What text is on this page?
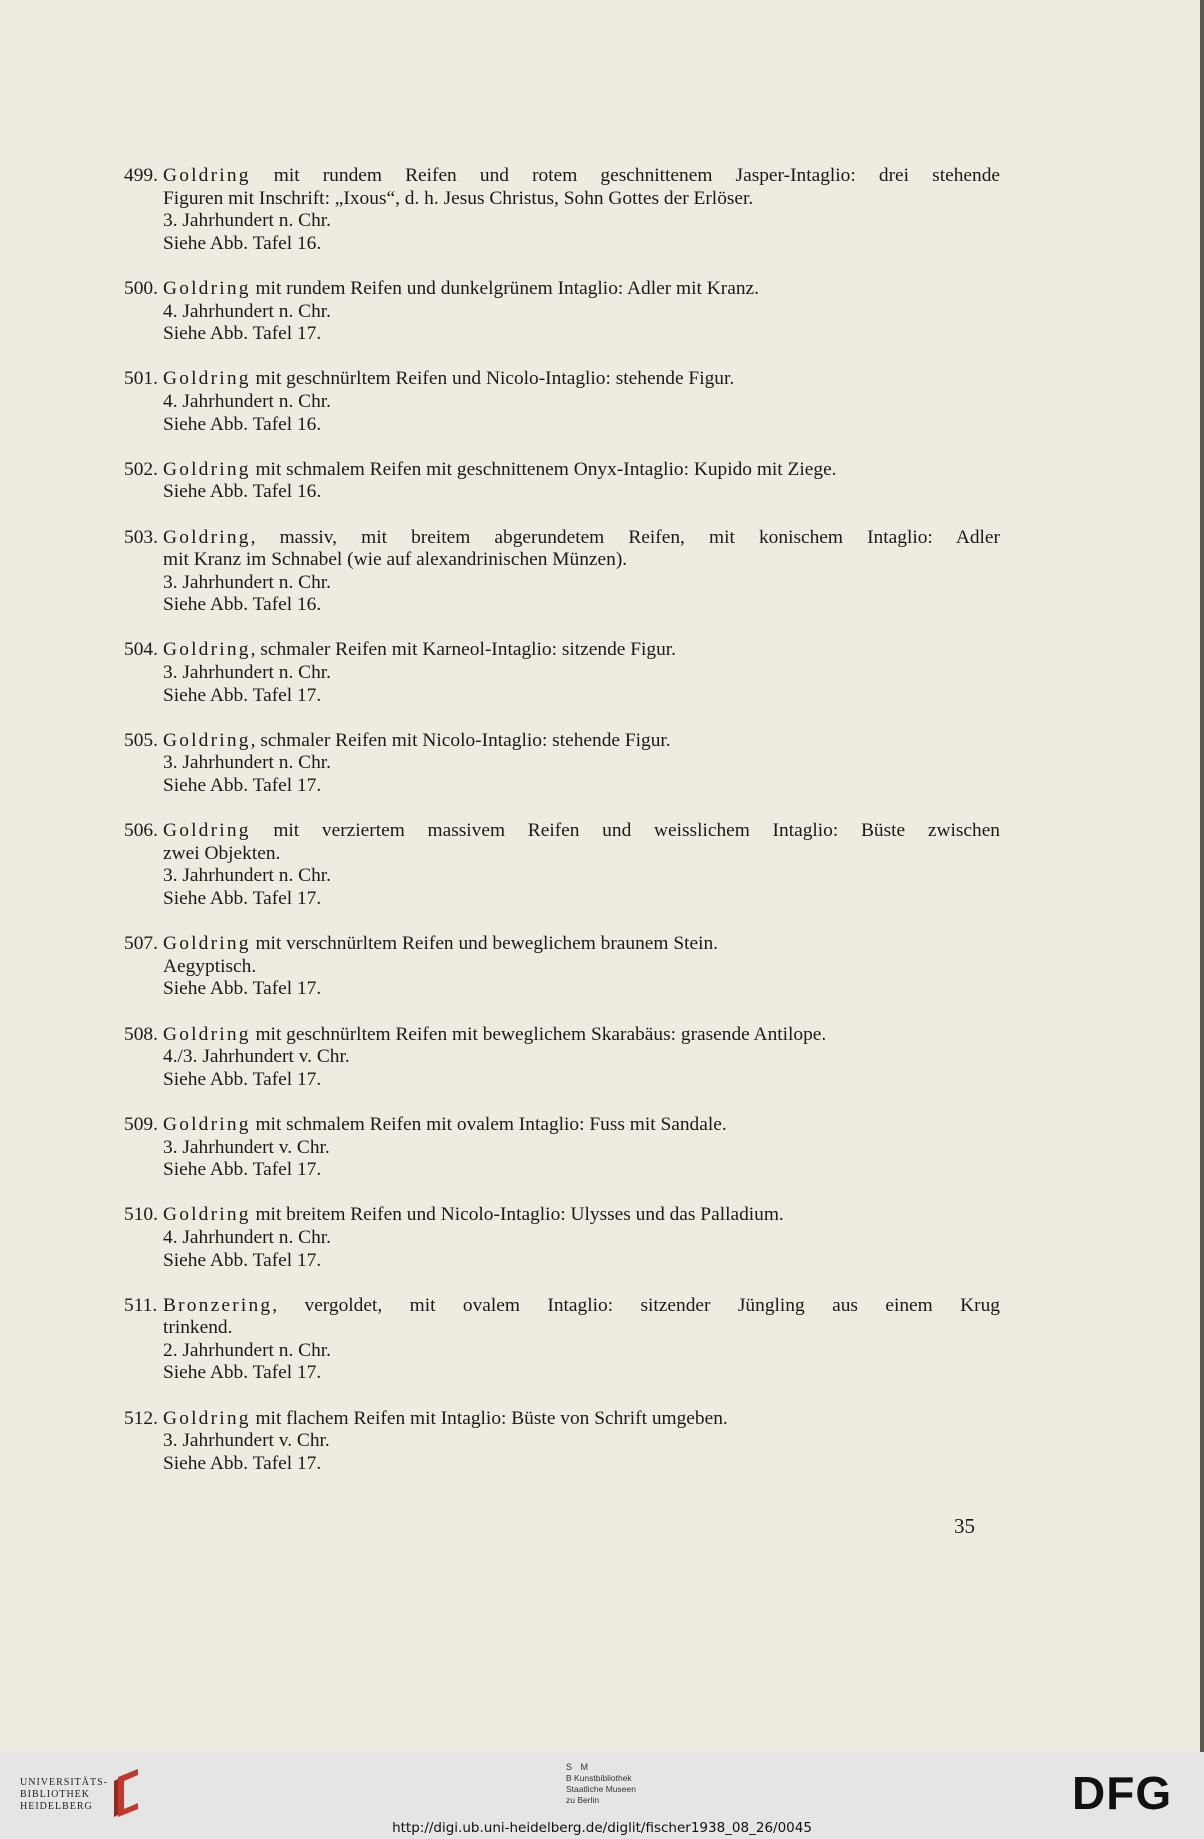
499. Goldring mit rundem Reifen und rotem geschnittenem Jasper-Intaglio: drei stehende
Figuren mit Inschrift: „Ixous“, d. h. Jesus Christus, Sohn Gottes der Erlöser.
3. Jahrhundert n. Chr.
Siehe Abb. Tafel 16.
500. Goldring mit rundem Reifen und dunkelgrünem Intaglio: Adler mit Kranz.
4. Jahrhundert n. Chr.
Siehe Abb. Tafel 17.
501. Goldring mit geschnürltem Reifen und Nicolo-Intaglio: stehende Figur.
4. Jahrhundert n. Chr.
Siehe Abb. Tafel 16.
502. Goldring mit schmalem Reifen mit geschnittenem Onyx-Intaglio: Kupido mit Ziege.
Siehe Abb. Tafel 16.
503. Goldring, massiv, mit breitem abgerundetem Reifen, mit konischem Intaglio: Adler
mit Kranz im Schnabel (wie auf alexandrinischen Münzen).
3. Jahrhundert n. Chr.
Siehe Abb. Tafel 16.
504. Goldring, schmaler Reifen mit Karneol-Intaglio: sitzende Figur.
3. Jahrhundert n. Chr.
Siehe Abb. Tafel 17.
505. Goldring, schmaler Reifen mit Nicolo-Intaglio: stehende Figur.
3. Jahrhundert n. Chr.
Siehe Abb. Tafel 17.
506. Goldring mit verziertem massivem Reifen und weisslichem Intaglio: Büste zwischen
zwei Objekten.
3. Jahrhundert n. Chr.
Siehe Abb. Tafel 17.
507. Goldring mit verschnürltem Reifen und beweglichem braunem Stein.
Aegyptisch.
Siehe Abb. Tafel 17.
508. Goldring mit geschnürltem Reifen mit beweglichem Skarabäus: grasende Antilope.
4./3. Jahrhundert v. Chr.
Siehe Abb. Tafel 17.
509. Goldring mit schmalem Reifen mit ovalem Intaglio: Fuss mit Sandale.
3. Jahrhundert v. Chr.
Siehe Abb. Tafel 17.
510. Goldring mit breitem Reifen und Nicolo-Intaglio: Ulysses und das Palladium.
4. Jahrhundert n. Chr.
Siehe Abb. Tafel 17.
511. Bronzering, vergoldet, mit ovalem Intaglio: sitzender Jüngling aus einem Krug
trinkend.
2. Jahrhundert n. Chr.
Siehe Abb. Tafel 17.
512. Goldring mit flachem Reifen mit Intaglio: Büste von Schrift umgeben.
3. Jahrhundert v. Chr.
Siehe Abb. Tafel 17.
35
UNIVERSITÄTS-
BIBLIOTHEK
HEIDELBERG
S M
B Kunstbibliothek
Staatliche Museen
zu Berlin	DFG
http://digi.ub.uni-heidelberg.de/diglit/fischer1938_08_26/0045
